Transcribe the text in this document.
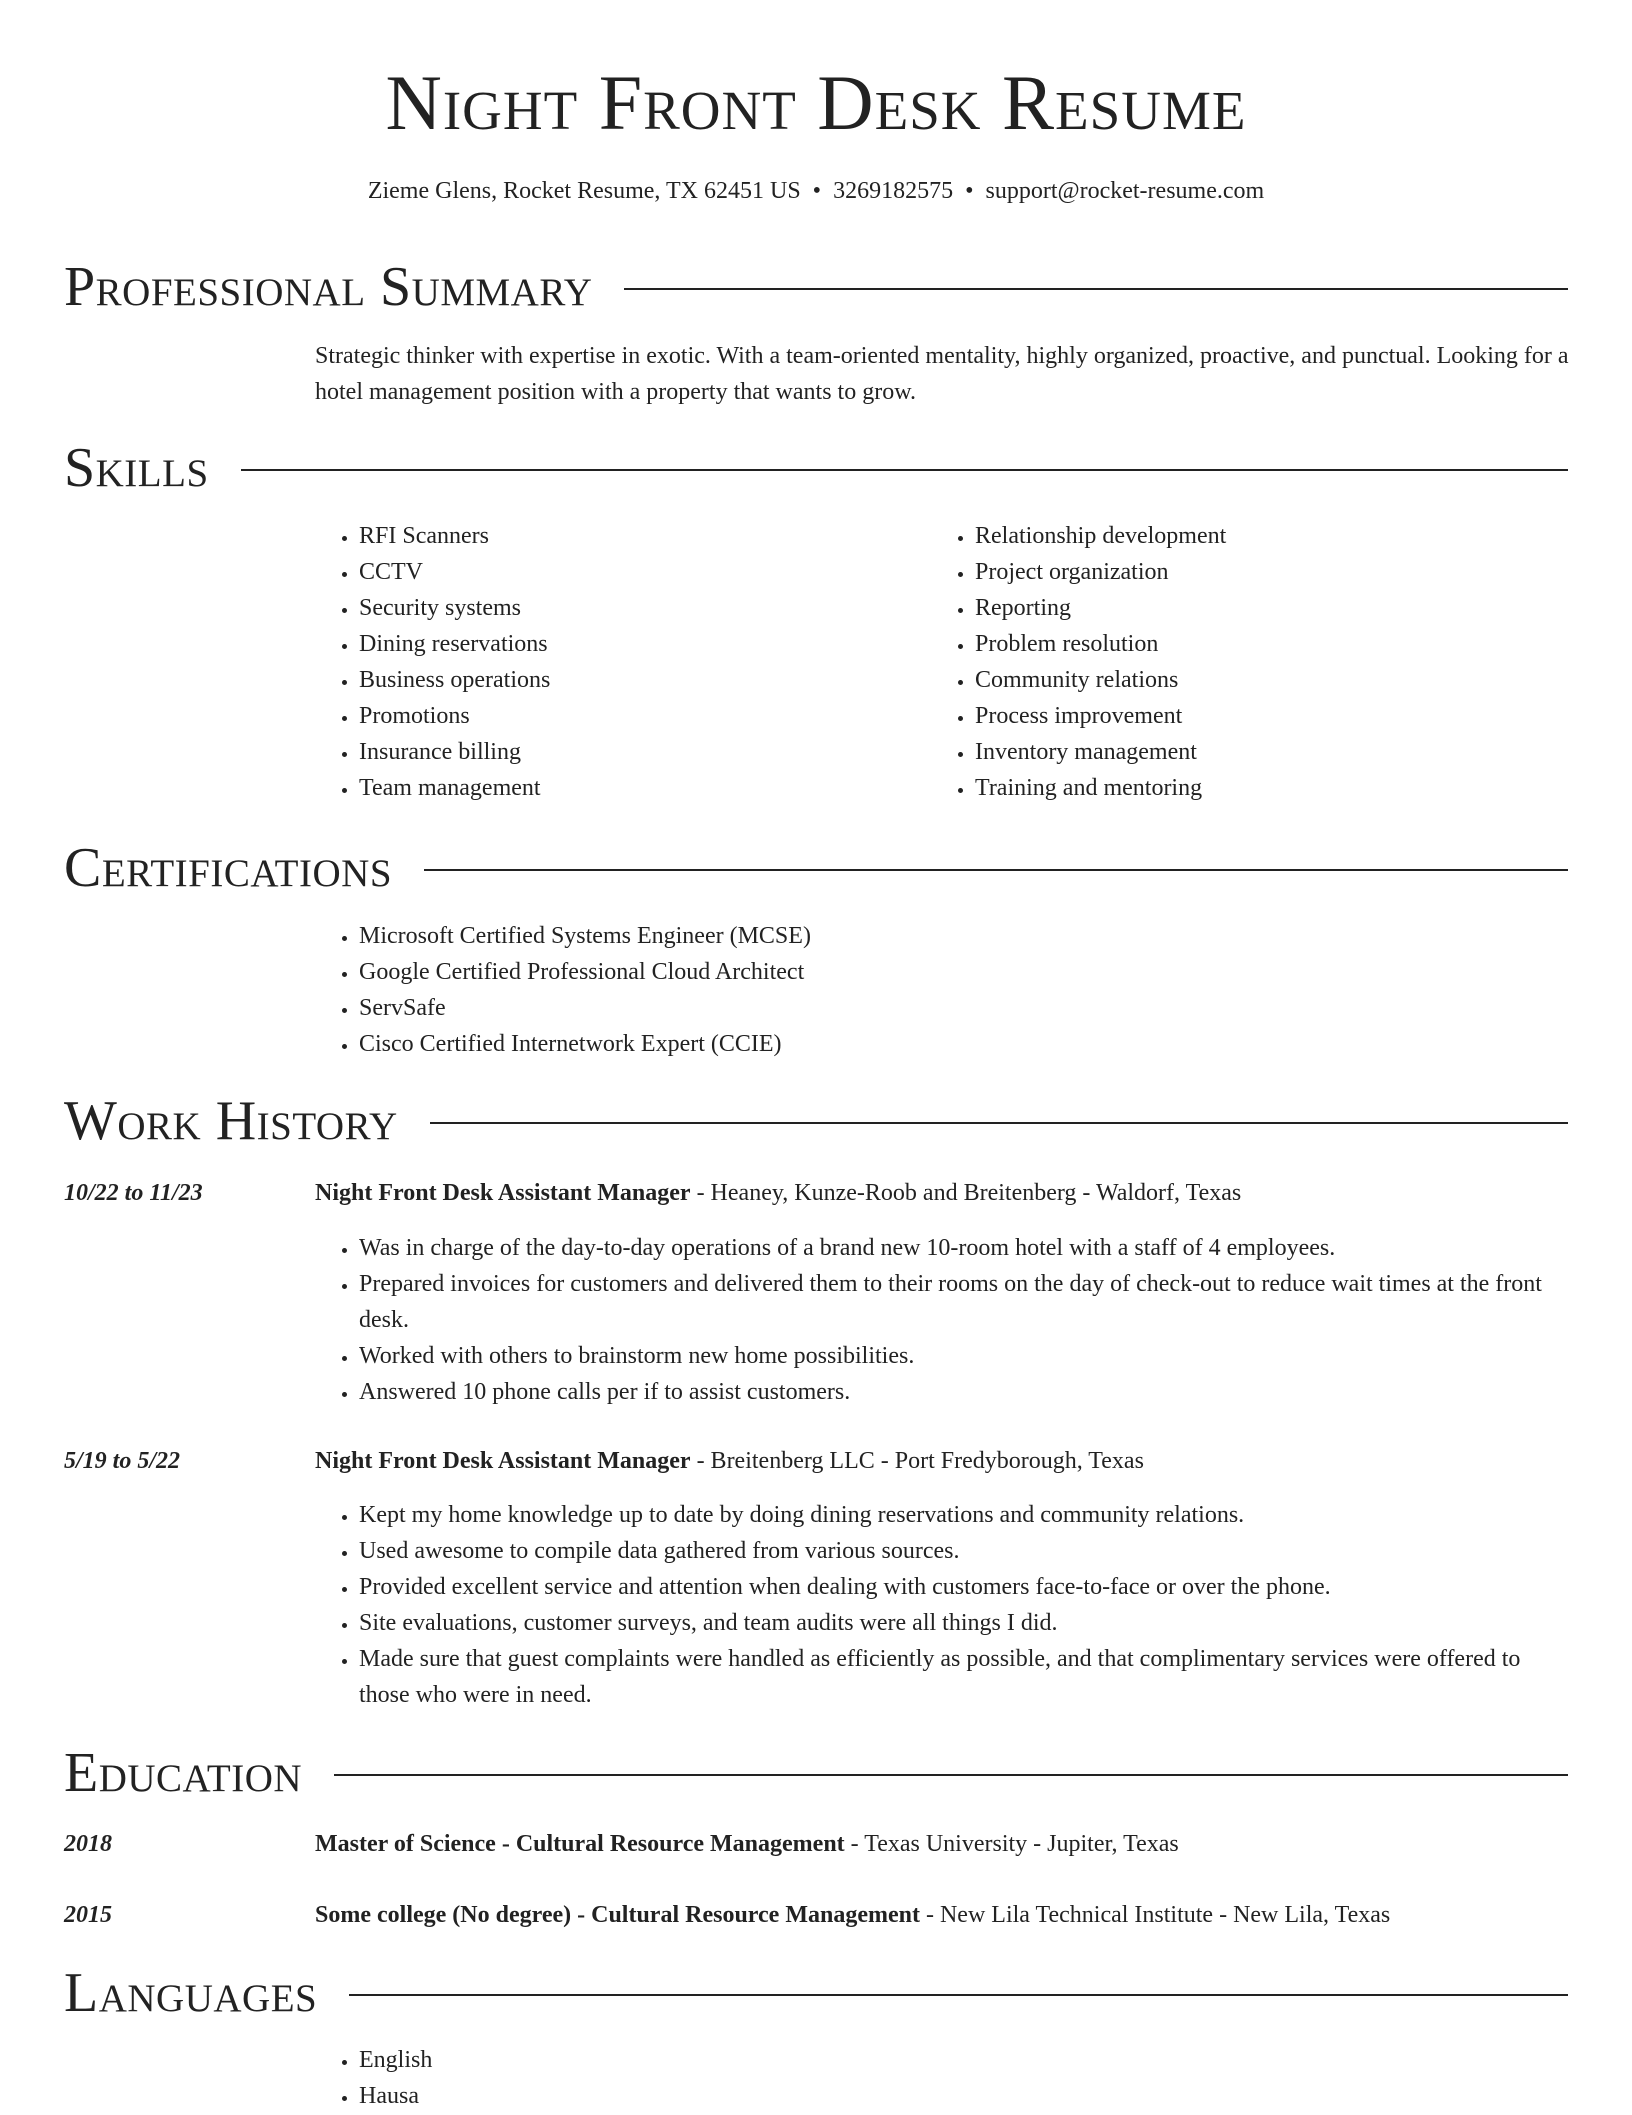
Night Front Desk Resume
Zieme Glens, Rocket Resume, TX 62451 US • 3269182575 • support@rocket-resume.com
Professional Summary
Strategic thinker with expertise in exotic. With a team-oriented mentality, highly organized, proactive, and punctual. Looking for a hotel management position with a property that wants to grow.
Skills
• RFI Scanners
• CCTV
• Security systems
• Dining reservations
• Business operations
• Promotions
• Insurance billing
• Team management
• Relationship development
• Project organization
• Reporting
• Problem resolution
• Community relations
• Process improvement
• Inventory management
• Training and mentoring
Certifications
• Microsoft Certified Systems Engineer (MCSE)
• Google Certified Professional Cloud Architect
• ServSafe
• Cisco Certified Internetwork Expert (CCIE)
Work History
10/22 to 11/23	Night Front Desk Assistant Manager - Heaney, Kunze-Roob and Breitenberg - Waldorf, Texas
• Was in charge of the day-to-day operations of a brand new 10-room hotel with a staff of 4 employees.
• Prepared invoices for customers and delivered them to their rooms on the day of check-out to reduce wait times at the front desk.
• Worked with others to brainstorm new home possibilities.
• Answered 10 phone calls per if to assist customers.
5/19 to 5/22	Night Front Desk Assistant Manager - Breitenberg LLC - Port Fredyborough, Texas
• Kept my home knowledge up to date by doing dining reservations and community relations.
• Used awesome to compile data gathered from various sources.
• Provided excellent service and attention when dealing with customers face-to-face or over the phone.
• Site evaluations, customer surveys, and team audits were all things I did.
• Made sure that guest complaints were handled as efficiently as possible, and that complimentary services were offered to those who were in need.
Education
2018	Master of Science - Cultural Resource Management - Texas University - Jupiter, Texas
2015	Some college (No degree) - Cultural Resource Management - New Lila Technical Institute - New Lila, Texas
Languages
• English
• Hausa
